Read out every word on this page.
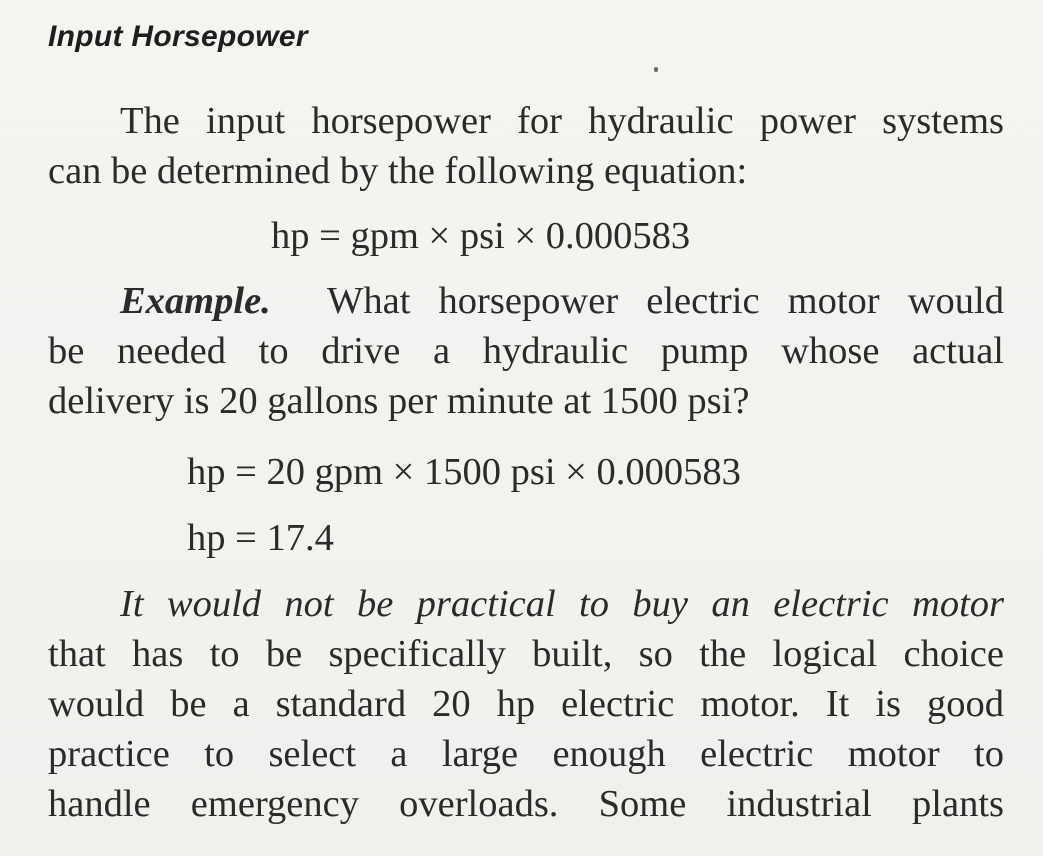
Input Horsepower
The input horsepower for hydraulic power systems
can be determined by the following equation:
hp = gpm × psi × 0.000583
Example. What horsepower electric motor would
be needed to drive a hydraulic pump whose actual
delivery is 20 gallons per minute at 1500 psi?
hp = 20 gpm × 1500 psi × 0.000583
hp = 17.4
It would not be practical to buy an electric motor
that has to be specifically built, so the logical choice
would be a standard 20 hp electric motor. It is good
practice to select a large enough electric motor to
handle emergency overloads. Some industrial plants
